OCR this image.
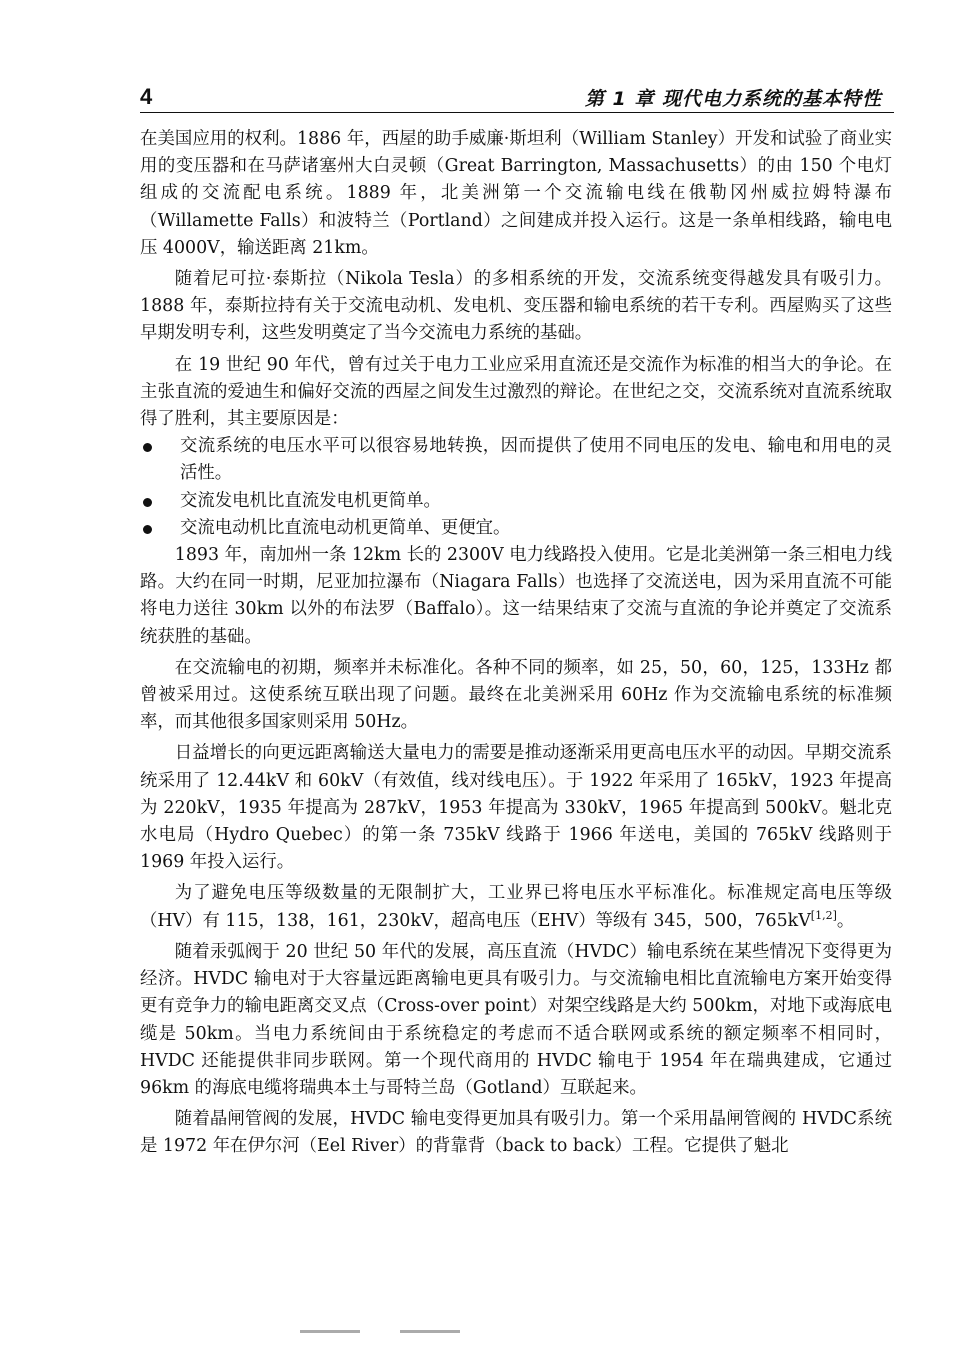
4	第 1 章 现代电力系统的基本特性

在美国应用的权利。1886 年，西屋的助手威廉·斯坦利（William Stanley）开发和试验了商业实用的变压器和在马萨诸塞州大白灵顿（Great Barrington, Massachusetts）的由 150 个电灯组成的交流配电系统。1889 年，北美洲第一个交流输电线在俄勒冈州威拉姆特瀑布（Willamette Falls）和波特兰（Portland）之间建成并投入运行。这是一条单相线路，输电电压 4000V，输送距离 21km。

随着尼可拉·泰斯拉（Nikola Tesla）的多相系统的开发，交流系统变得越发具有吸引力。1888 年，泰斯拉持有关于交流电动机、发电机、变压器和输电系统的若干专利。西屋购买了这些早期发明专利，这些发明奠定了当今交流电力系统的基础。

在 19 世纪 90 年代，曾有过关于电力工业应采用直流还是交流作为标准的相当大的争论。在主张直流的爱迪生和偏好交流的西屋之间发生过激烈的辩论。在世纪之交，交流系统对直流系统取得了胜利，其主要原因是：

交流系统的电压水平可以很容易地转换，因而提供了使用不同电压的发电、输电和用电的灵活性。
交流发电机比直流发电机更简单。
交流电动机比直流电动机更简单、更便宜。

1893 年，南加州一条 12km 长的 2300V 电力线路投入使用。它是北美洲第一条三相电力线路。大约在同一时期，尼亚加拉瀑布（Niagara Falls）也选择了交流送电，因为采用直流不可能将电力送往 30km 以外的布法罗（Baffalo）。这一结果结束了交流与直流的争论并奠定了交流系统获胜的基础。

在交流输电的初期，频率并未标准化。各种不同的频率，如 25，50，60，125，133Hz 都曾被采用过。这使系统互联出现了问题。最终在北美洲采用 60Hz 作为交流输电系统的标准频率，而其他很多国家则采用 50Hz。

日益增长的向更远距离输送大量电力的需要是推动逐渐采用更高电压水平的动因。早期交流系统采用了 12.44kV 和 60kV（有效值，线对线电压）。于 1922 年采用了 165kV，1923 年提高为 220kV，1935 年提高为 287kV，1953 年提高为 330kV，1965 年提高到 500kV。魁北克水电局（Hydro Quebec）的第一条 735kV 线路于 1966 年送电，美国的 765kV 线路则于 1969 年投入运行。

为了避免电压等级数量的无限制扩大，工业界已将电压水平标准化。标准规定高电压等级（HV）有 115，138，161，230kV，超高电压（EHV）等级有 345，500，765kV[1,2]。

随着汞弧阀于 20 世纪 50 年代的发展，高压直流（HVDC）输电系统在某些情况下变得更为经济。HVDC 输电对于大容量远距离输电更具有吸引力。与交流输电相比直流输电方案开始变得更有竞争力的输电距离交叉点（Cross-over point）对架空线路是大约 500km，对地下或海底电缆是 50km。当电力系统间由于系统稳定的考虑而不适合联网或系统的额定频率不相同时，HVDC 还能提供非同步联网。第一个现代商用的 HVDC 输电于 1954 年在瑞典建成，它通过 96km 的海底电缆将瑞典本土与哥特兰岛（Gotland）互联起来。

随着晶闸管阀的发展，HVDC 输电变得更加具有吸引力。第一个采用晶闸管阀的 HVDC系统是 1972 年在伊尔河（Eel River）的背靠背（back to back）工程。它提供了魁北
